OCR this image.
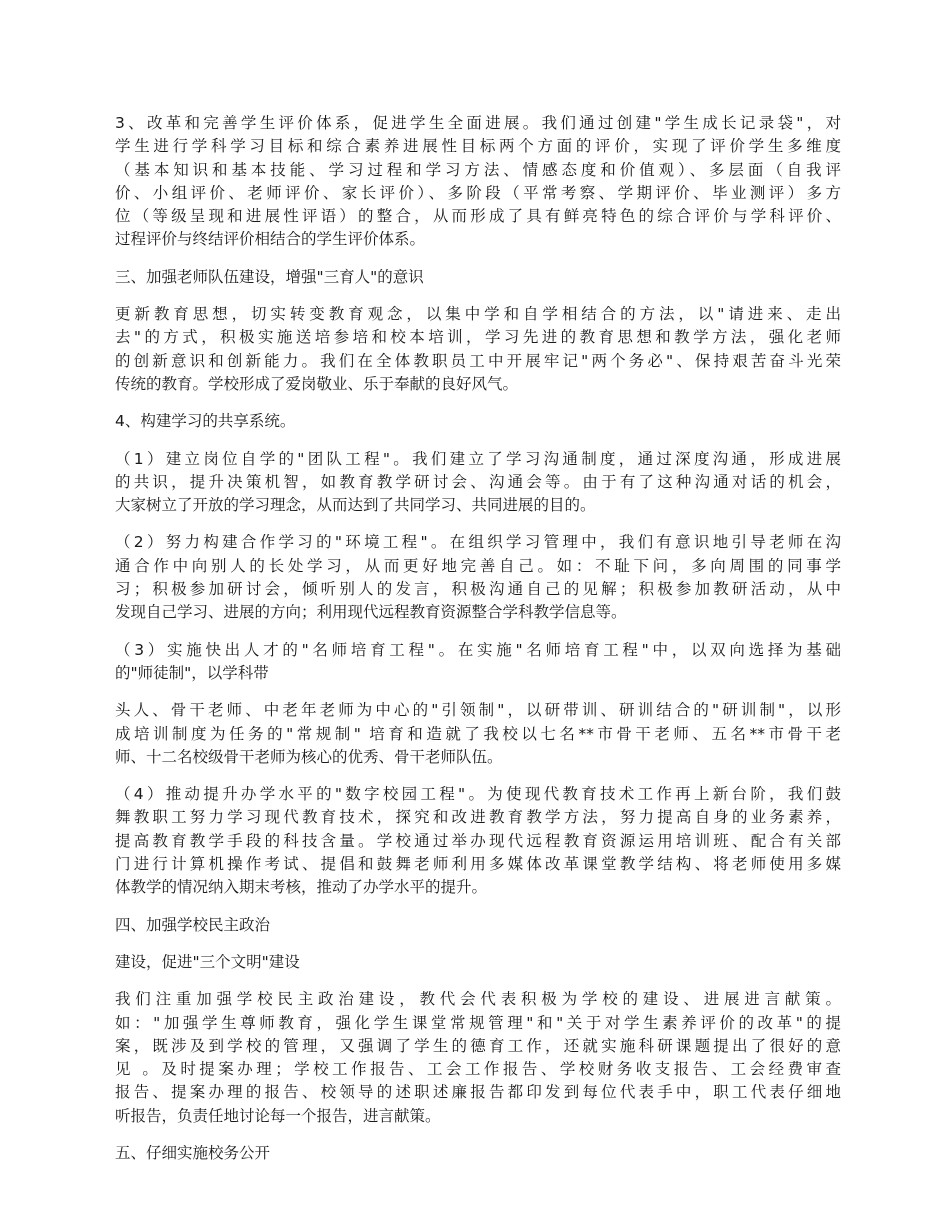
3、改革和完善学生评价体系，促进学生全面进展。我们通过创建"学生成长记录袋"，对
学生进行学科学习目标和综合素养进展性目标两个方面的评价，实现了评价学生多维度
（基本知识和基本技能、学习过程和学习方法、情感态度和价值观）、多层面（自我评
价、小组评价、老师评价、家长评价）、多阶段（平常考察、学期评价、毕业测评）多方
位（等级呈现和进展性评语）的整合，从而形成了具有鲜亮特色的综合评价与学科评价、
过程评价与终结评价相结合的学生评价体系。
三、加强老师队伍建设，增强"三育人"的意识
更新教育思想，切实转变教育观念，以集中学和自学相结合的方法，以"请进来、走出
去"的方式，积极实施送培参培和校本培训，学习先进的教育思想和教学方法，强化老师
的创新意识和创新能力。我们在全体教职员工中开展牢记"两个务必"、保持艰苦奋斗光荣
传统的教育。学校形成了爱岗敬业、乐于奉献的良好风气。
4、构建学习的共享系统。
（1）建立岗位自学的"团队工程"。我们建立了学习沟通制度，通过深度沟通，形成进展
的共识，提升决策机智，如教育教学研讨会、沟通会等。由于有了这种沟通对话的机会，
大家树立了开放的学习理念，从而达到了共同学习、共同进展的目的。
（2）努力构建合作学习的"环境工程"。在组织学习管理中，我们有意识地引导老师在沟
通合作中向别人的长处学习，从而更好地完善自己。如：不耻下问，多向周围的同事学
习；积极参加研讨会，倾听别人的发言，积极沟通自己的见解；积极参加教研活动，从中
发现自己学习、进展的方向；利用现代远程教育资源整合学科教学信息等。
（3）实施快出人才的"名师培育工程"。在实施"名师培育工程"中，以双向选择为基础
的"师徒制"，以学科带
头人、骨干老师、中老年老师为中心的"引领制"，以研带训、研训结合的"研训制"，以形
成培训制度为任务的"常规制" 培育和造就了我校以七名**市骨干老师、五名**市骨干老
师、十二名校级骨干老师为核心的优秀、骨干老师队伍。
（4）推动提升办学水平的"数字校园工程"。为使现代教育技术工作再上新台阶，我们鼓
舞教职工努力学习现代教育技术，探究和改进教育教学方法，努力提高自身的业务素养，
提高教育教学手段的科技含量。学校通过举办现代远程教育资源运用培训班、配合有关部
门进行计算机操作考试、提倡和鼓舞老师利用多媒体改革课堂教学结构、将老师使用多媒
体教学的情况纳入期末考核，推动了办学水平的提升。
四、加强学校民主政治
建设，促进"三个文明"建设
我们注重加强学校民主政治建设，教代会代表积极为学校的建设、进展进言献策。
如："加强学生尊师教育，强化学生课堂常规管理"和"关于对学生素养评价的改革"的提
案，既涉及到学校的管理，又强调了学生的德育工作，还就实施科研课题提出了很好的意
见 。及时提案办理；学校工作报告、工会工作报告、学校财务收支报告、工会经费审查
报告、提案办理的报告、校领导的述职述廉报告都印发到每位代表手中，职工代表仔细地
听报告，负责任地讨论每一个报告，进言献策。
五、仔细实施校务公开
